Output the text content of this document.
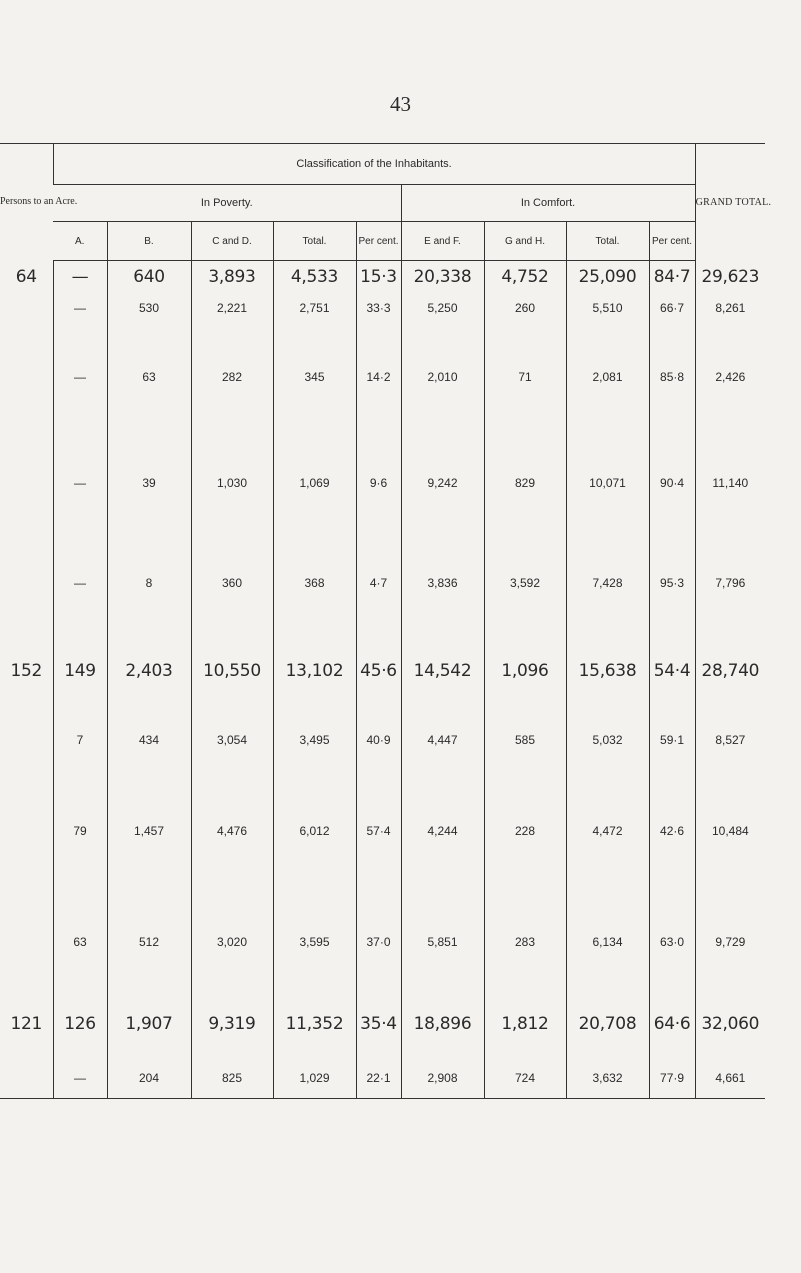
43
Persons to an Acre.	Classification of the Inhabitants.									GRAND TOTAL.
	In Poverty.					In Comfort.				
	A.	B.	C and D.	Total.	Per cent.	E and F.	G and H.	Total.	Per cent.	
64	—	640	3,893	4,533	15·3	20,338	4,752	25,090	84·7	29,623
	—	530	2,221	2,751	33·3	5,250	260	5,510	66·7	8,261
	—	63	282	345	14·2	2,010	71	2,081	85·8	2,426
	—	39	1,030	1,069	9·6	9,242	829	10,071	90·4	11,140
	—	8	360	368	4·7	3,836	3,592	7,428	95·3	7,796
152	149	2,403	10,550	13,102	45·6	14,542	1,096	15,638	54·4	28,740
	7	434	3,054	3,495	40·9	4,447	585	5,032	59·1	8,527
	79	1,457	4,476	6,012	57·4	4,244	228	4,472	42·6	10,484
	63	512	3,020	3,595	37·0	5,851	283	6,134	63·0	9,729
121	126	1,907	9,319	11,352	35·4	18,896	1,812	20,708	64·6	32,060
	—	204	825	1,029	22·1	2,908	724	3,632	77·9	4,661
